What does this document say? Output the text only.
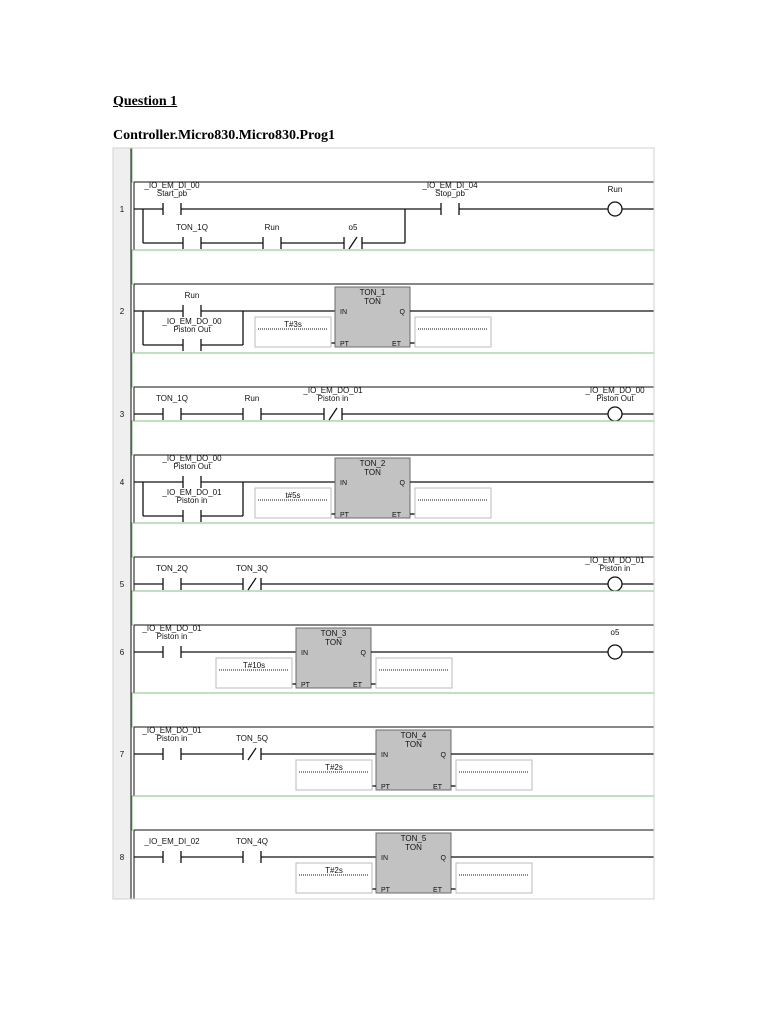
Question 1
Controller.Micro830.Micro830.Prog1
1
_IO_EM_DI_00
Start_pb
_IO_EM_DI_04
Stop_pb	Run
TON_1Q	Run	o5
2
Run	TON_1
TON
IN	Q
PT	ET
T#3s
_IO_EM_DO_00
Piston Out
3
TON_1Q	Run
_IO_EM_DO_01
Piston in
_IO_EM_DO_00
Piston Out
4
_IO_EM_DO_00
Piston Out	TON_2
TON
IN	Q
PT	ET
t#5s
_IO_EM_DO_01
Piston in
5
TON_2Q	TON_3Q
_IO_EM_DO_01
Piston in
6
_IO_EM_DO_01
Piston in	TON_3
TON
IN	Q
PT	ET
T#10s
o5
7
_IO_EM_DO_01
Piston in	TON_5Q	TON_4
TON
IN	Q
PT	ET
T#2s
8
_IO_EM_DI_02	TON_4Q	TON_5
TON
IN	Q
PT	ET
T#2s
